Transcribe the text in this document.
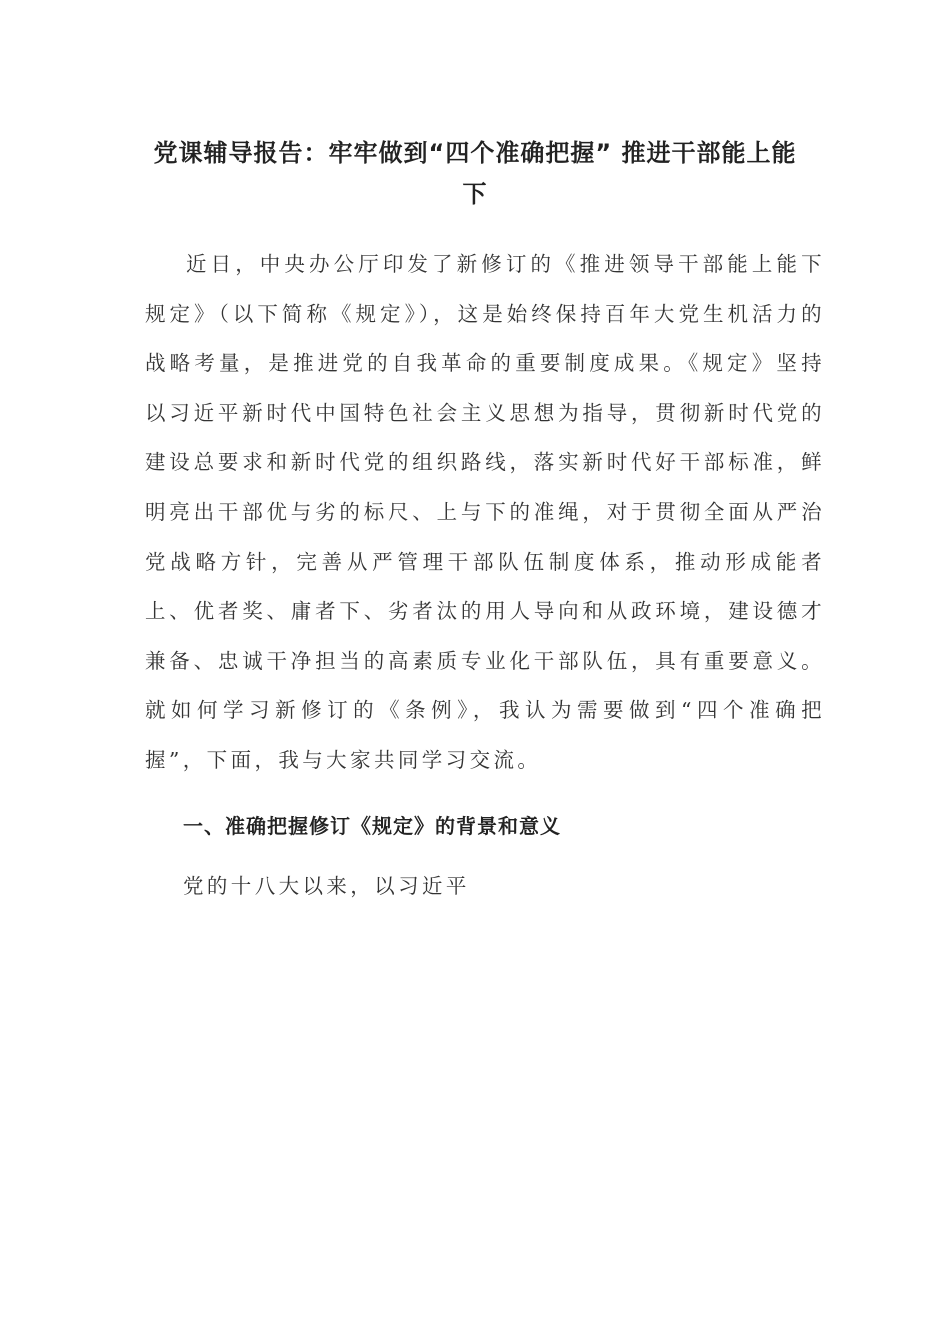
党课辅导报告：牢牢做到“四个准确把握” 推进干部能上能下

近日，中央办公厅印发了新修订的《推进领导干部能上能下规定》（以下简称《规定》），这是始终保持百年大党生机活力的战略考量，是推进党的自我革命的重要制度成果。《规定》坚持以习近平新时代中国特色社会主义思想为指导，贯彻新时代党的建设总要求和新时代党的组织路线，落实新时代好干部标准，鲜明亮出干部优与劣的标尺、上与下的准绳，对于贯彻全面从严治党战略方针，完善从严管理干部队伍制度体系，推动形成能者上、优者奖、庸者下、劣者汰的用人导向和从政环境，建设德才兼备、忠诚干净担当的高素质专业化干部队伍，具有重要意义。就如何学习新修订的《条例》，我认为需要做到“四个准确把握”，下面，我与大家共同学习交流。

一、准确把握修订《规定》的背景和意义

党的十八大以来，以习近平
